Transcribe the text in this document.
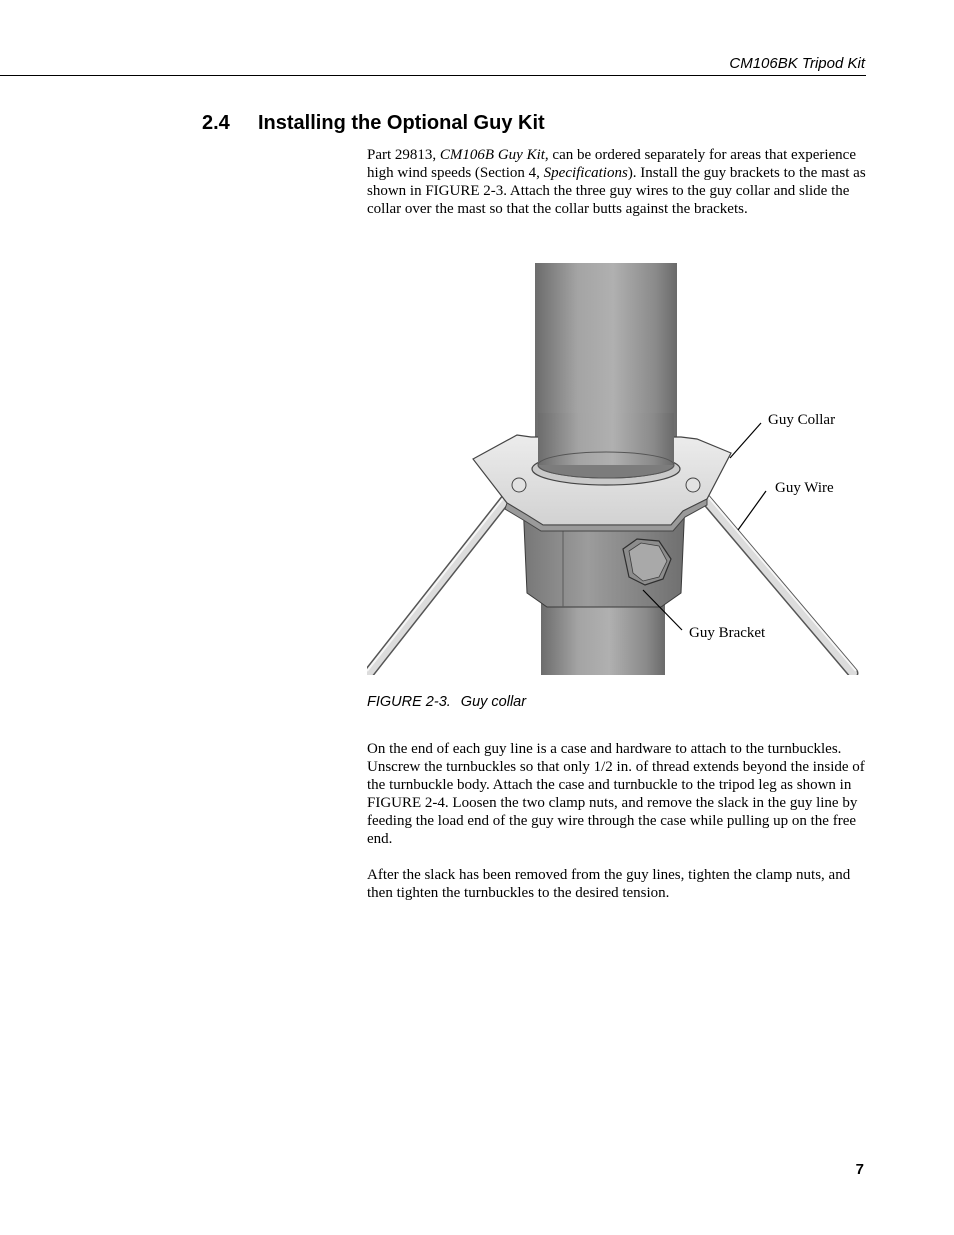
CM106BK Tripod Kit
2.4 Installing the Optional Guy Kit

Part 29813, CM106B Guy Kit, can be ordered separately for areas that experience high wind speeds (Section 4, Specifications). Install the guy brackets to the mast as shown in FIGURE 2-3. Attach the three guy wires to the guy collar and slide the collar over the mast so that the collar butts against the brackets.

Guy Collar
Guy Wire
Guy Bracket
FIGURE 2-3. Guy collar

On the end of each guy line is a case and hardware to attach to the turnbuckles. Unscrew the turnbuckles so that only 1/2 in. of thread extends beyond the inside of the turnbuckle body. Attach the case and turnbuckle to the tripod leg as shown in FIGURE 2-4. Loosen the two clamp nuts, and remove the slack in the guy line by feeding the load end of the guy wire through the case while pulling up on the free end.

After the slack has been removed from the guy lines, tighten the clamp nuts, and then tighten the turnbuckles to the desired tension.

7
